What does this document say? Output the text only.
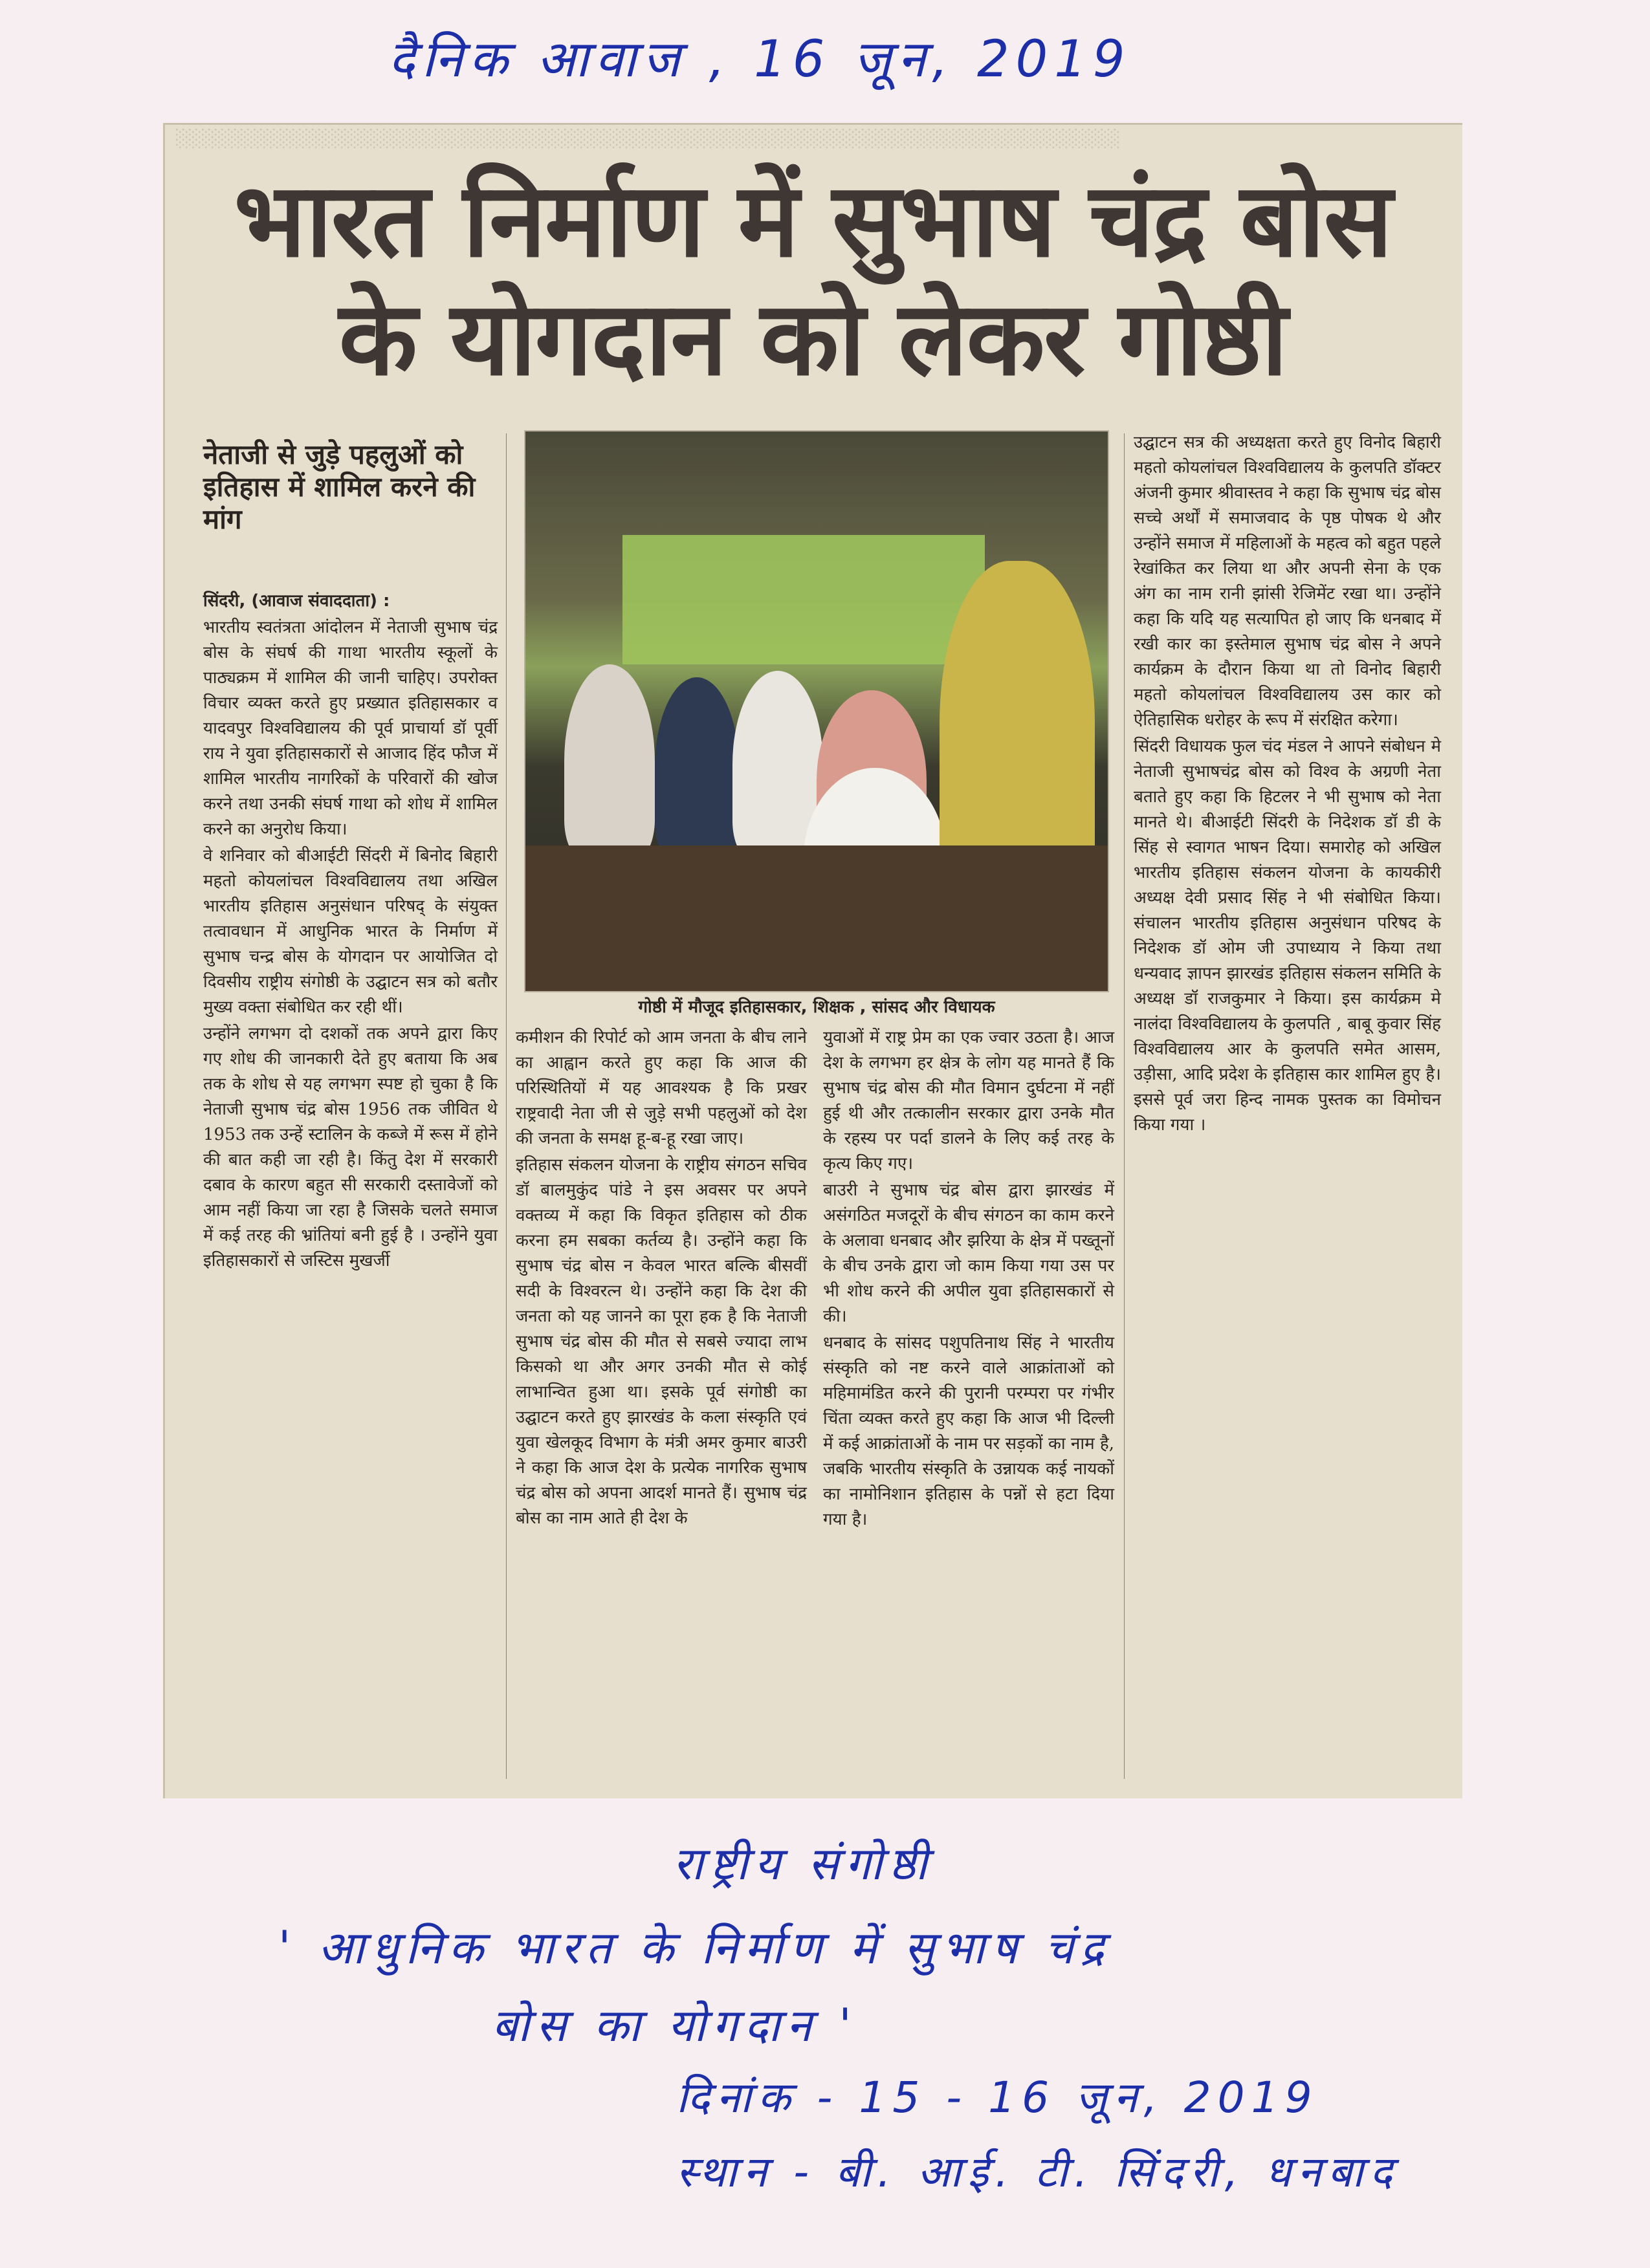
दैनिक आवाज , 16 जून, 2019
░░░░░░░░░░░░░░░░░░░░░░░░░░░░░░░░░░░░░░░░░░░░░░░░░░░░░░░░░░░░░░░░░░░░░░░░░
भारत निर्माण में सुभाष चंद्र बोस
के योगदान को लेकर गोष्ठी
नेताजी से जुड़े पहलुओं को इतिहास में शामिल करने की मांग

सिंदरी, (आवाज संवाददाता) :

भारतीय स्वतंत्रता आंदोलन में नेताजी सुभाष चंद्र बोस के संघर्ष की गाथा भारतीय स्कूलों के पाठ्यक्रम में शामिल की जानी चाहिए। उपरोक्त विचार व्यक्त करते हुए प्रख्यात इतिहासकार व यादवपुर विश्वविद्यालय की पूर्व प्राचार्या डॉ पूर्वी राय ने युवा इतिहासकारों से आजाद हिंद फौज में शामिल भारतीय नागरिकों के परिवारों की खोज करने तथा उनकी संघर्ष गाथा को शोध में शामिल करने का अनुरोध किया।

वे शनिवार को बीआईटी सिंदरी में बिनोद बिहारी महतो कोयलांचल विश्वविद्यालय तथा अखिल भारतीय इतिहास अनुसंधान परिषद् के संयुक्त तत्वावधान में आधुनिक भारत के निर्माण में सुभाष चन्द्र बोस के योगदान पर आयोजित दो दिवसीय राष्ट्रीय संगोष्ठी के उद्घाटन सत्र को बतौर मुख्य वक्ता संबोधित कर रही थीं।

उन्होंने लगभग दो दशकों तक अपने द्वारा किए गए शोध की जानकारी देते हुए बताया कि अब तक के शोध से यह लगभग स्पष्ट हो चुका है कि नेताजी सुभाष चंद्र बोस 1956 तक जीवित थे 1953 तक उन्हें स्टालिन के कब्जे में रूस में होने की बात कही जा रही है। किंतु देश में सरकारी दबाव के कारण बहुत सी सरकारी दस्तावेजों को आम नहीं किया जा रहा है जिसके चलते समाज में कई तरह की भ्रांतियां बनी हुई है । उन्होंने युवा इतिहासकारों से जस्टिस मुखर्जी

गोष्ठी में मौजूद इतिहासकार, शिक्षक , सांसद और विधायक

कमीशन की रिपोर्ट को आम जनता के बीच लाने का आह्वान करते हुए कहा कि आज की परिस्थितियों में यह आवश्यक है कि प्रखर राष्ट्रवादी नेता जी से जुड़े सभी पहलुओं को देश की जनता के समक्ष हू-ब-हू रखा जाए।

इतिहास संकलन योजना के राष्ट्रीय संगठन सचिव डॉ बालमुकुंद पांडे ने इस अवसर पर अपने वक्तव्य में कहा कि विकृत इतिहास को ठीक करना हम सबका कर्तव्य है। उन्होंने कहा कि सुभाष चंद्र बोस न केवल भारत बल्कि बीसवीं सदी के विश्वरत्न थे। उन्होंने कहा कि देश की जनता को यह जानने का पूरा हक है कि नेताजी सुभाष चंद्र बोस की मौत से सबसे ज्यादा लाभ किसको था और अगर उनकी मौत से कोई लाभान्वित हुआ था। इसके पूर्व संगोष्ठी का उद्घाटन करते हुए झारखंड के कला संस्कृति एवं युवा खेलकूद विभाग के मंत्री अमर कुमार बाउरी ने कहा कि आज देश के प्रत्येक नागरिक सुभाष चंद्र बोस को अपना आदर्श मानते हैं। सुभाष चंद्र बोस का नाम आते ही देश के

युवाओं में राष्ट्र प्रेम का एक ज्वार उठता है। आज देश के लगभग हर क्षेत्र के लोग यह मानते हैं कि सुभाष चंद्र बोस की मौत विमान दुर्घटना में नहीं हुई थी और तत्कालीन सरकार द्वारा उनके मौत के रहस्य पर पर्दा डालने के लिए कई तरह के कृत्य किए गए।

बाउरी ने सुभाष चंद्र बोस द्वारा झारखंड में असंगठित मजदूरों के बीच संगठन का काम करने के अलावा धनबाद और झरिया के क्षेत्र में पख्तूनों के बीच उनके द्वारा जो काम किया गया उस पर भी शोध करने की अपील युवा इतिहासकारों से की।

धनबाद के सांसद पशुपतिनाथ सिंह ने भारतीय संस्कृति को नष्ट करने वाले आक्रांताओं को महिमामंडित करने की पुरानी परम्परा पर गंभीर चिंता व्यक्त करते हुए कहा कि आज भी दिल्ली में कई आक्रांताओं के नाम पर सड़कों का नाम है, जबकि भारतीय संस्कृति के उन्नायक कई नायकों का नामोनिशान इतिहास के पन्नों से हटा दिया गया है।

उद्घाटन सत्र की अध्यक्षता करते हुए विनोद बिहारी महतो कोयलांचल विश्वविद्यालय के कुलपति डॉक्टर अंजनी कुमार श्रीवास्तव ने कहा कि सुभाष चंद्र बोस सच्चे अर्थों में समाजवाद के पृष्ठ पोषक थे और उन्होंने समाज में महिलाओं के महत्व को बहुत पहले रेखांकित कर लिया था और अपनी सेना के एक अंग का नाम रानी झांसी रेजिमेंट रखा था। उन्होंने कहा कि यदि यह सत्यापित हो जाए कि धनबाद में रखी कार का इस्तेमाल सुभाष चंद्र बोस ने अपने कार्यक्रम के दौरान किया था तो विनोद बिहारी महतो कोयलांचल विश्वविद्यालय उस कार को ऐतिहासिक धरोहर के रूप में संरक्षित करेगा।

सिंदरी विधायक फुल चंद मंडल ने आपने संबोधन मे नेताजी सुभाषचंद्र बोस को विश्व के अग्रणी नेता बताते हुए कहा कि हिटलर ने भी सुभाष को नेता मानते थे। बीआईटी सिंदरी के निदेशक डॉ डी के सिंह से स्वागत भाषन दिया। समारोह को अखिल भारतीय इतिहास संकलन योजना के कायकीरी अध्यक्ष देवी प्रसाद सिंह ने भी संबोधित किया। संचालन भारतीय इतिहास अनुसंधान परिषद के निदेशक डॉ ओम जी उपाध्याय ने किया तथा धन्यवाद ज्ञापन झारखंड इतिहास संकलन समिति के अध्यक्ष डॉ राजकुमार ने किया। इस कार्यक्रम मे नालंदा विश्वविद्यालय के कुलपति , बाबू कुवार सिंह विश्वविद्यालय आर के कुलपति समेत आसम, उड़ीसा, आदि प्रदेश के इतिहास कार शामिल हुए है। इससे पूर्व जरा हिन्द नामक पुस्तक का विमोचन किया गया ।

राष्ट्रीय संगोष्ठी
' आधुनिक भारत के निर्माण में सुभाष चंद्र
बोस का योगदान '
दिनांक - 15 - 16 जून, 2019
स्थान - बी. आई. टी. सिंदरी, धनबाद
